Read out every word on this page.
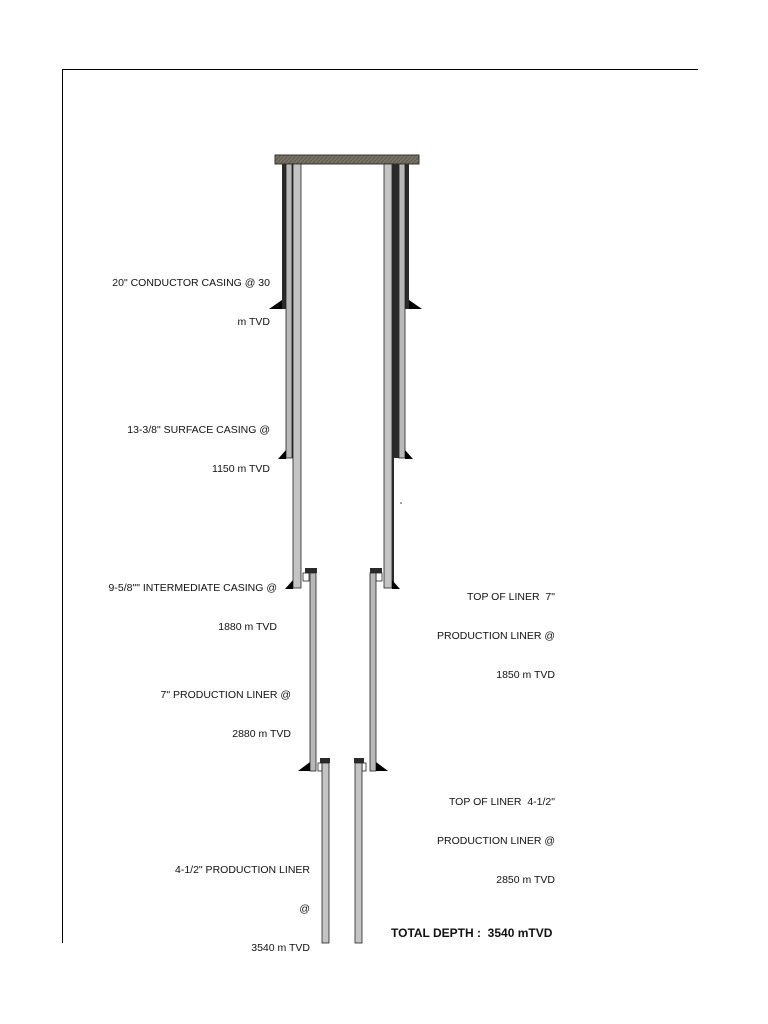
20" CONDUCTOR CASING @ 30

m TVD

13-3/8" SURFACE CASING @

1150 m TVD

9-5/8"" INTERMEDIATE CASING @

1880 m TVD

TOP OF LINER  7"

PRODUCTION LINER @

1850 m TVD

7" PRODUCTION LINER @

2880 m TVD

TOP OF LINER  4-1/2"

PRODUCTION LINER @

2850 m TVD

4-1/2" PRODUCTION LINER

@

3540 m TVD

TOTAL DEPTH :  3540 mTVD
